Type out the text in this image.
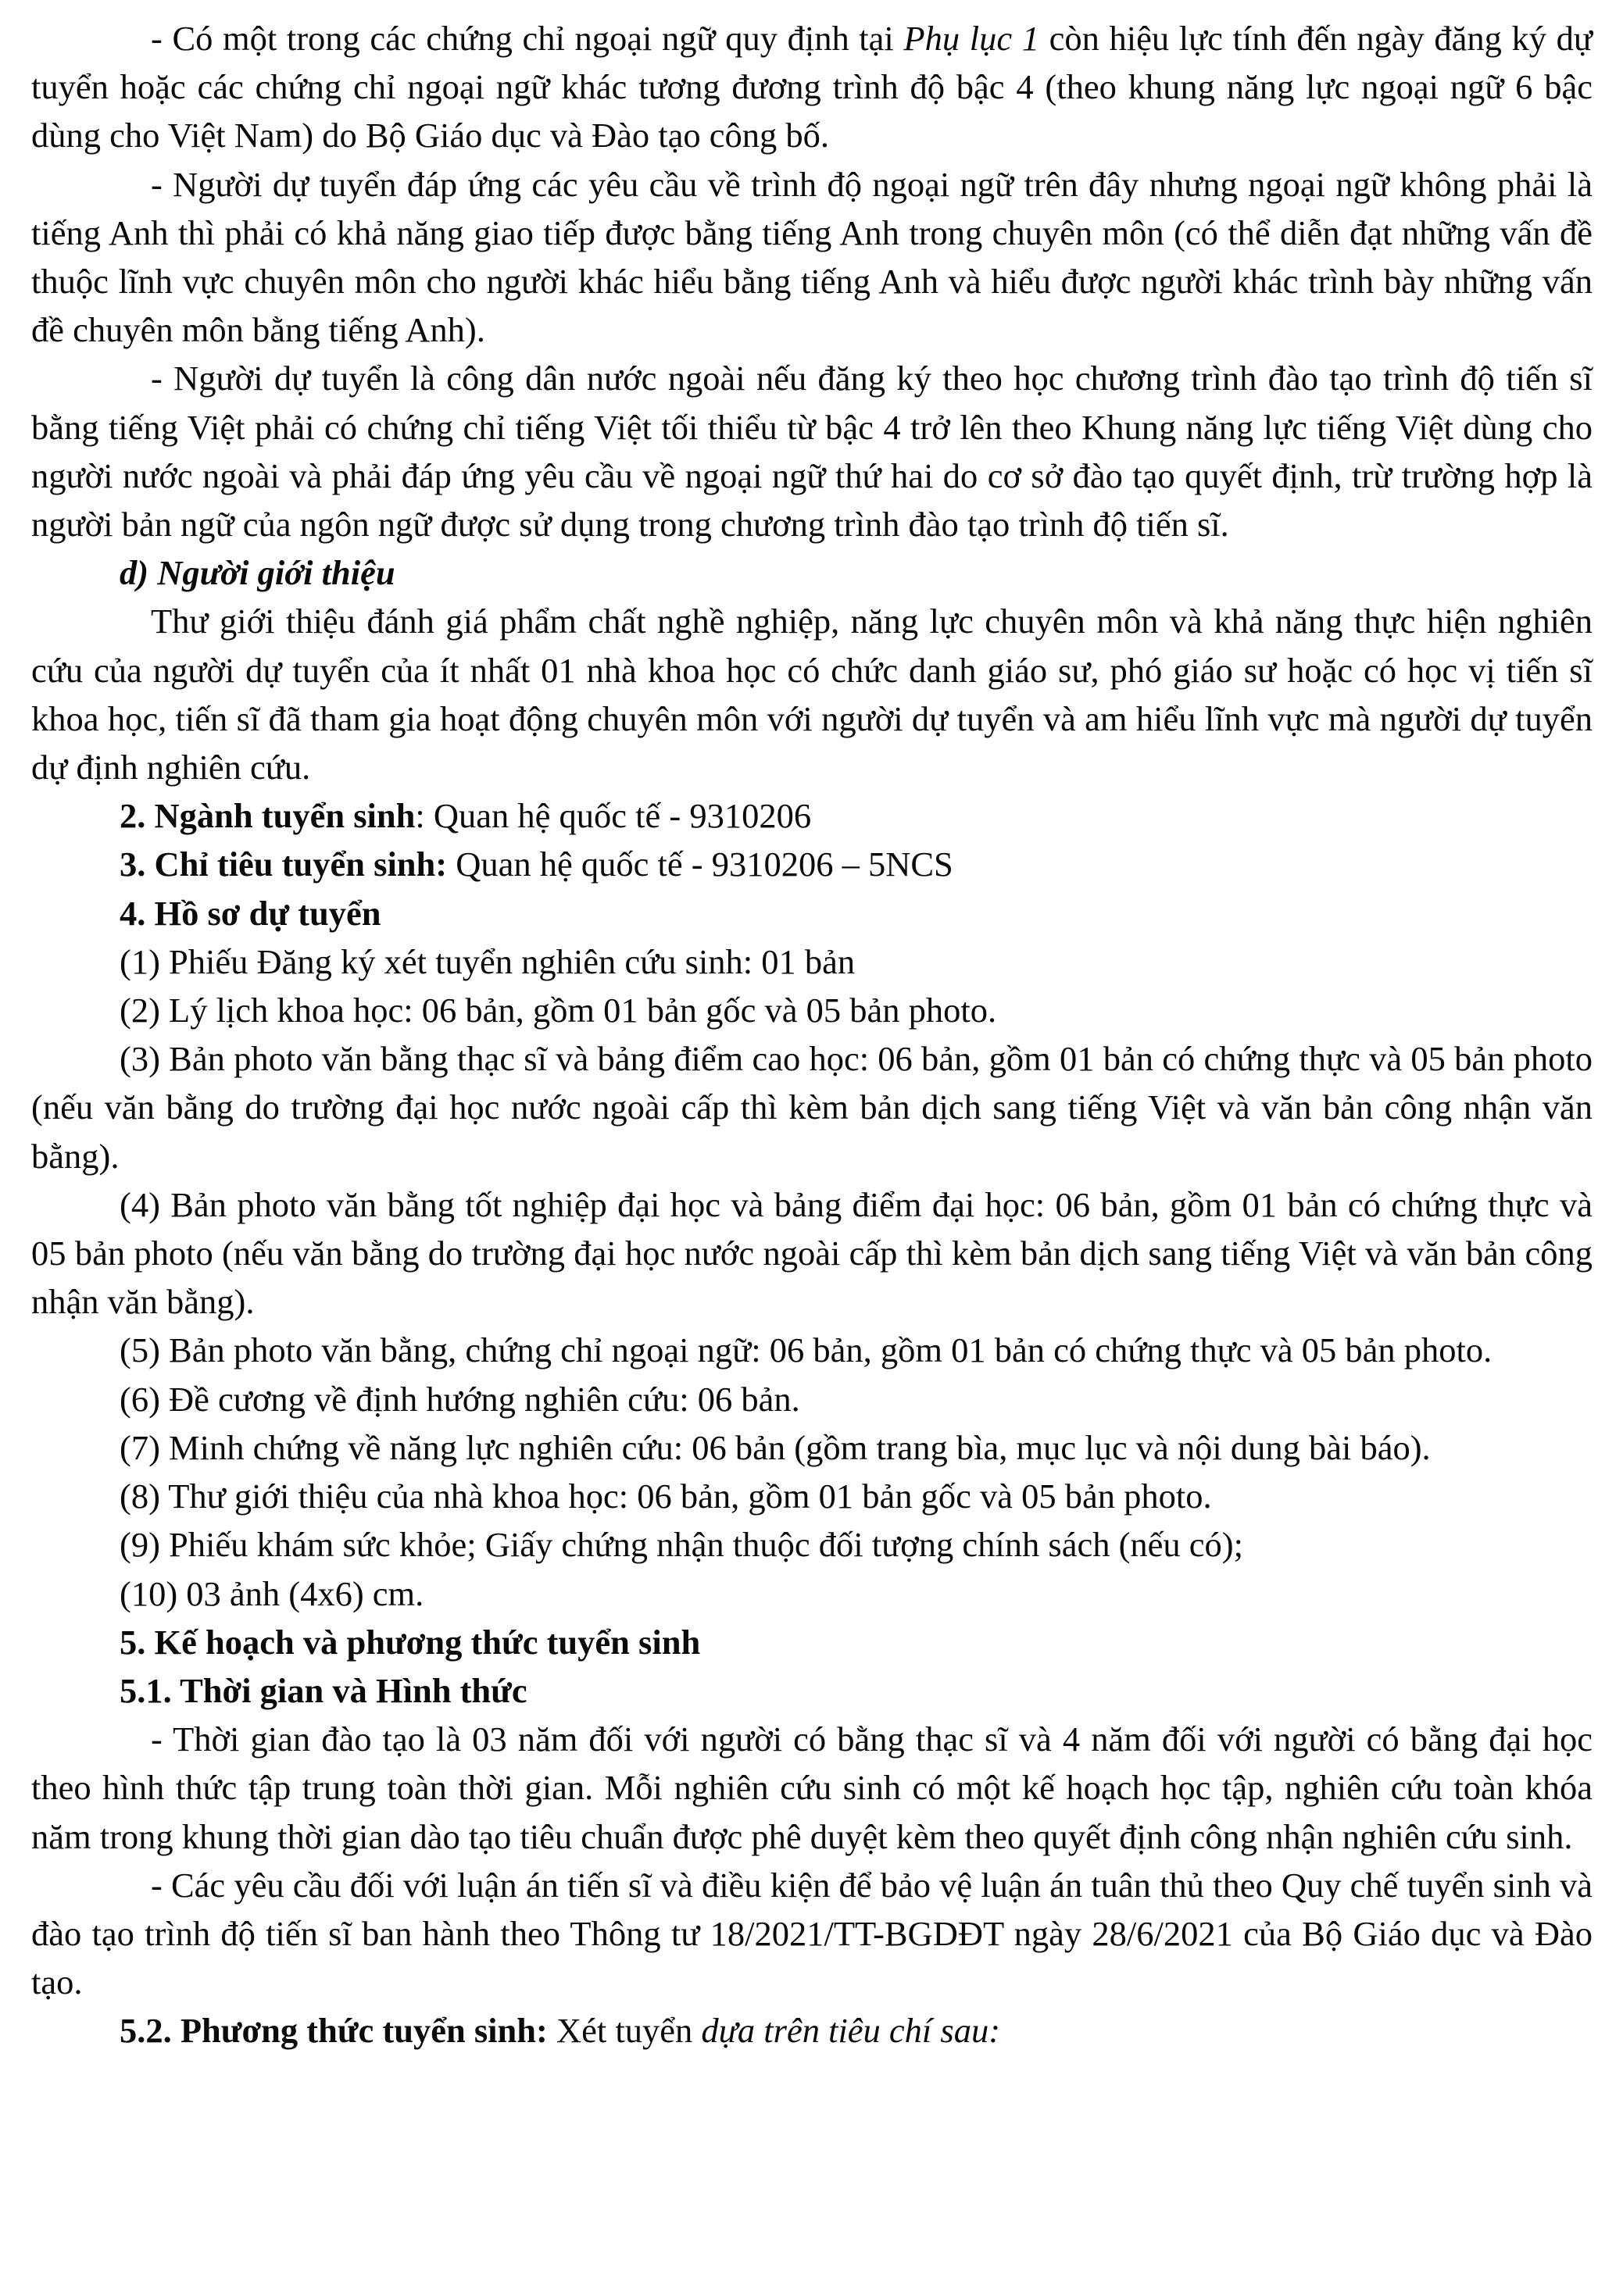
- Có một trong các chứng chỉ ngoại ngữ quy định tại Phụ lục 1 còn hiệu lực tính đến ngày đăng ký dự tuyển hoặc các chứng chỉ ngoại ngữ khác tương đương trình độ bậc 4 (theo khung năng lực ngoại ngữ 6 bậc dùng cho Việt Nam) do Bộ Giáo dục và Đào tạo công bố.

- Người dự tuyển đáp ứng các yêu cầu về trình độ ngoại ngữ trên đây nhưng ngoại ngữ không phải là tiếng Anh thì phải có khả năng giao tiếp được bằng tiếng Anh trong chuyên môn (có thể diễn đạt những vấn đề thuộc lĩnh vực chuyên môn cho người khác hiểu bằng tiếng Anh và hiểu được người khác trình bày những vấn đề chuyên môn bằng tiếng Anh).

- Người dự tuyển là công dân nước ngoài nếu đăng ký theo học chương trình đào tạo trình độ tiến sĩ bằng tiếng Việt phải có chứng chỉ tiếng Việt tối thiểu từ bậc 4 trở lên theo Khung năng lực tiếng Việt dùng cho người nước ngoài và phải đáp ứng yêu cầu về ngoại ngữ thứ hai do cơ sở đào tạo quyết định, trừ trường hợp là người bản ngữ của ngôn ngữ được sử dụng trong chương trình đào tạo trình độ tiến sĩ.

d) Người giới thiệu

Thư giới thiệu đánh giá phẩm chất nghề nghiệp, năng lực chuyên môn và khả năng thực hiện nghiên cứu của người dự tuyển của ít nhất 01 nhà khoa học có chức danh giáo sư, phó giáo sư hoặc có học vị tiến sĩ khoa học, tiến sĩ đã tham gia hoạt động chuyên môn với người dự tuyển và am hiểu lĩnh vực mà người dự tuyển dự định nghiên cứu.

2. Ngành tuyển sinh: Quan hệ quốc tế - 9310206

3. Chỉ tiêu tuyển sinh: Quan hệ quốc tế - 9310206 – 5NCS

4. Hồ sơ dự tuyển

(1) Phiếu Đăng ký xét tuyển nghiên cứu sinh: 01 bản

(2) Lý lịch khoa học: 06 bản, gồm 01 bản gốc và 05 bản photo.

(3) Bản photo văn bằng thạc sĩ và bảng điểm cao học: 06 bản, gồm 01 bản có chứng thực và 05 bản photo (nếu văn bằng do trường đại học nước ngoài cấp thì kèm bản dịch sang tiếng Việt và văn bản công nhận văn bằng).

(4) Bản photo văn bằng tốt nghiệp đại học và bảng điểm đại học: 06 bản, gồm 01 bản có chứng thực và 05 bản photo (nếu văn bằng do trường đại học nước ngoài cấp thì kèm bản dịch sang tiếng Việt và văn bản công nhận văn bằng).

(5) Bản photo văn bằng, chứng chỉ ngoại ngữ: 06 bản, gồm 01 bản có chứng thực và 05 bản photo.

(6) Đề cương về định hướng nghiên cứu: 06 bản.

(7) Minh chứng về năng lực nghiên cứu: 06 bản (gồm trang bìa, mục lục và nội dung bài báo).

(8) Thư giới thiệu của nhà khoa học: 06 bản, gồm 01 bản gốc và 05 bản photo.

(9) Phiếu khám sức khỏe; Giấy chứng nhận thuộc đối tượng chính sách (nếu có);

(10) 03 ảnh (4x6) cm.

5. Kế hoạch và phương thức tuyển sinh

5.1. Thời gian và Hình thức

- Thời gian đào tạo là 03 năm đối với người có bằng thạc sĩ và 4 năm đối với người có bằng đại học theo hình thức tập trung toàn thời gian. Mỗi nghiên cứu sinh có một kế hoạch học tập, nghiên cứu toàn khóa năm trong khung thời gian dào tạo tiêu chuẩn được phê duyệt kèm theo quyết định công nhận nghiên cứu sinh.

- Các yêu cầu đối với luận án tiến sĩ và điều kiện để bảo vệ luận án tuân thủ theo Quy chế tuyển sinh và đào tạo trình độ tiến sĩ ban hành theo Thông tư 18/2021/TT-BGDĐT ngày 28/6/2021 của Bộ Giáo dục và Đào tạo.

5.2. Phương thức tuyển sinh: Xét tuyển dựa trên tiêu chí sau:
